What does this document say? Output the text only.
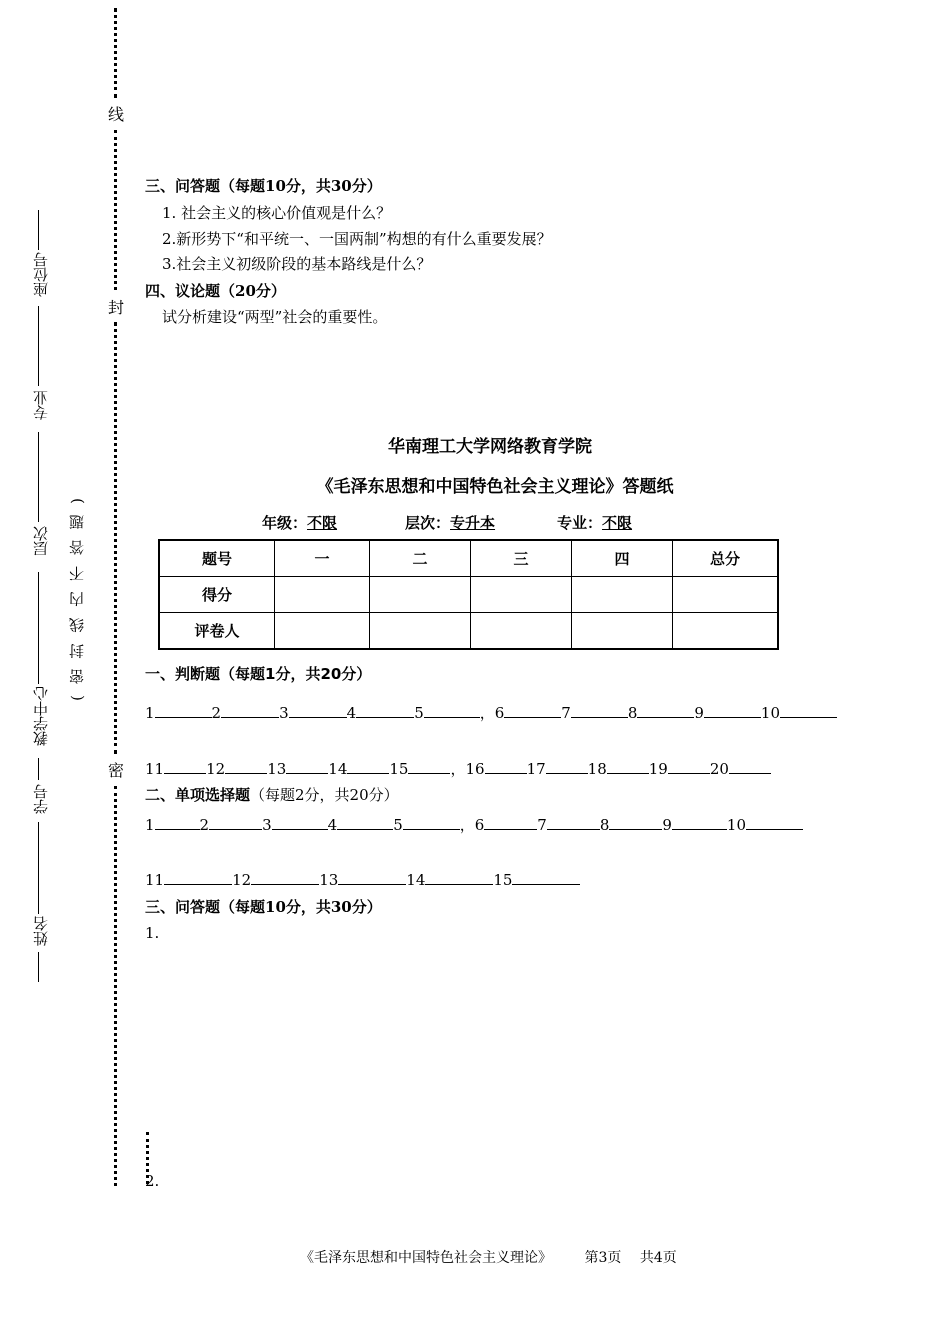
线
封
密
座位号
专业
层次
教学中心
学号
姓名
( 密 封 线 内 不 答 题 )
三、问答题（每题10分，共30分）
1. 社会主义的核心价值观是什么？
2.新形势下“和平统一、一国两制”构想的有什么重要发展？
3.社会主义初级阶段的基本路线是什么？
四、议论题（20分）
试分析建设“两型”社会的重要性。
华南理工大学网络教育学院
《毛泽东思想和中国特色社会主义理论》答题纸
年级：不限	层次：专升本	专业：不限
题号	一	二	三	四	总分
得分					
评卷人					
一、判断题（每题1分，共20分）
1	2	3	4	5	，6	7	8	9	10
11	12	13	14	15	，16	17	18	19	20
二、单项选择题（每题2分，共20分）
1	2	3	4	5	，6	7	8	9	10
11	12	13	14	15
三、问答题（每题10分，共30分）
1.
2.
《毛泽东思想和中国特色社会主义理论》 第3页 共4页
